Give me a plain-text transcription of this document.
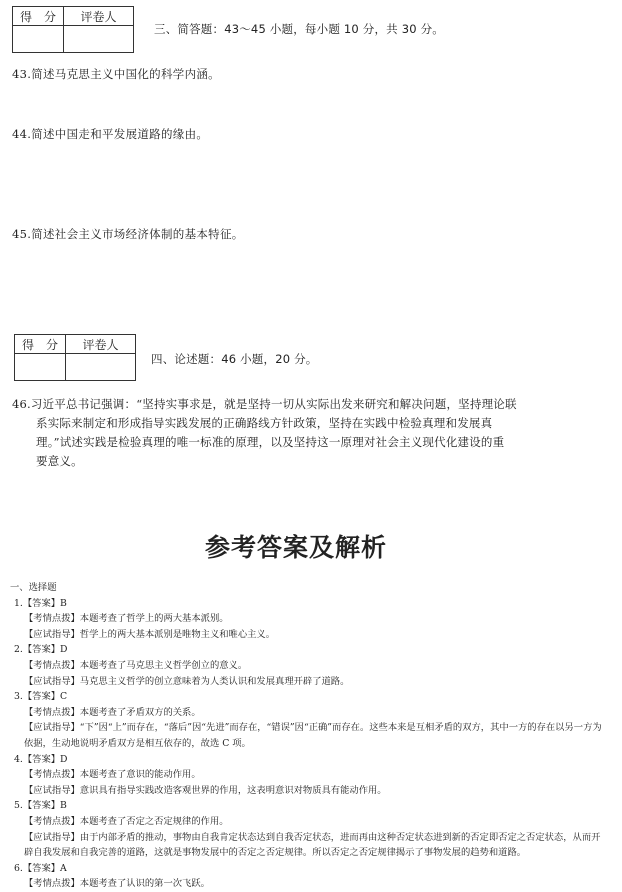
得　分	评卷人

三、简答题：43～45 小题，每小题 10 分，共 30 分。
43.简述马克思主义中国化的科学内涵。
44.简述中国走和平发展道路的缘由。
45.简述社会主义市场经济体制的基本特征。
得　分	评卷人

四、论述题：46 小题，20 分。
46.习近平总书记强调：“坚持实事求是，就是坚持一切从实际出发来研究和解决问题，坚持理论联
系实际来制定和形成指导实践发展的正确路线方针政策，坚持在实践中检验真理和发展真
理。”试述实践是检验真理的唯一标准的原理，以及坚持这一原理对社会主义现代化建设的重
要意义。
参考答案及解析
一、选择题
1.【答案】B
【考情点拨】本题考查了哲学上的两大基本派别。
【应试指导】哲学上的两大基本派别是唯物主义和唯心主义。
2.【答案】D
【考情点拨】本题考查了马克思主义哲学创立的意义。
【应试指导】马克思主义哲学的创立意味着为人类认识和发展真理开辟了道路。
3.【答案】C
【考情点拨】本题考查了矛盾双方的关系。
【应试指导】“下”因“上”而存在，“落后”因“先进”而存在，“错误”因“正确”而存在。这些本来是互相矛盾的双方，其中一方的存在以另一方为依据，生动地说明矛盾双方是相互依存的，故选 C 项。
4.【答案】D
【考情点拨】本题考查了意识的能动作用。
【应试指导】意识具有指导实践改造客观世界的作用，这表明意识对物质具有能动作用。
5.【答案】B
【考情点拨】本题考查了否定之否定规律的作用。
【应试指导】由于内部矛盾的推动，事物由自我肯定状态达到自我否定状态，进而再由这种否定状态进到新的否定即否定之否定状态，从而开辟自我发展和自我完善的道路，这就是事物发展中的否定之否定规律。所以否定之否定规律揭示了事物发展的趋势和道路。
6.【答案】A
【考情点拨】本题考查了认识的第一次飞跃。
